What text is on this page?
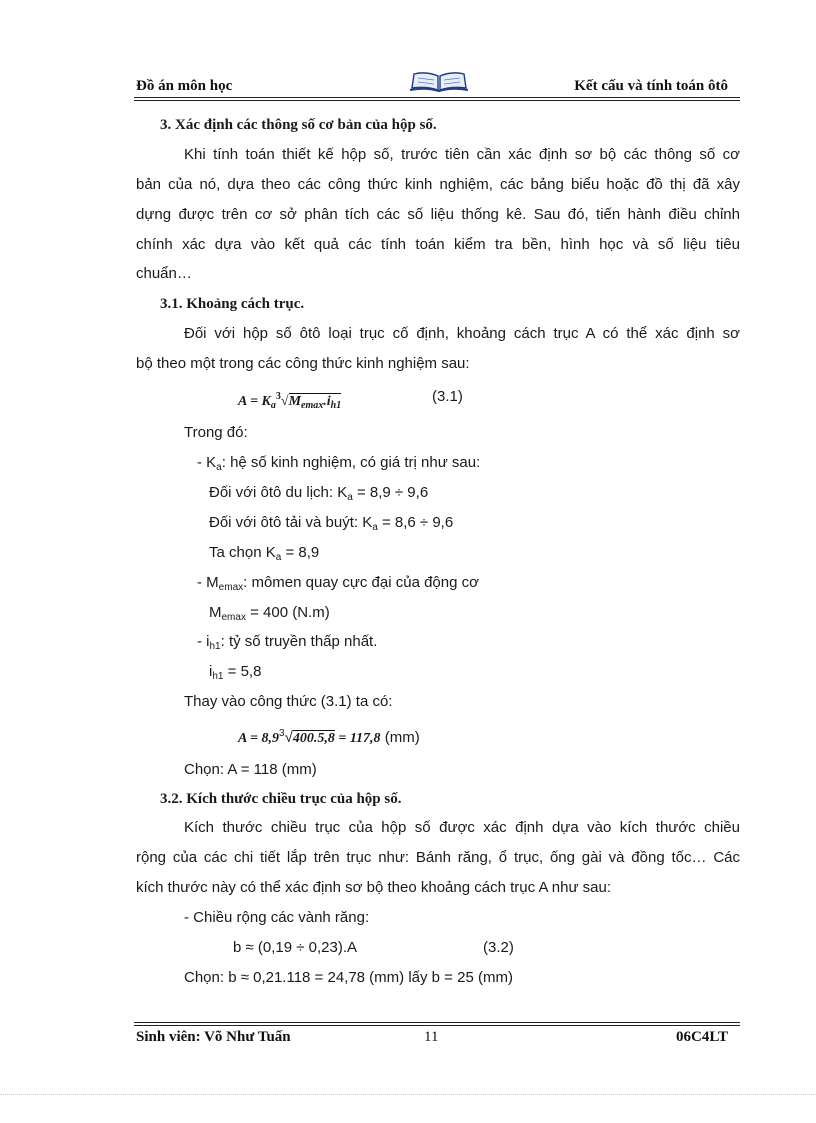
Đồ án môn học	Kết cấu và tính toán ôtô
3. Xác định các thông số cơ bản của hộp số.
Khi tính toán thiết kế hộp số, trước tiên cần xác định sơ bộ các thông số cơ
bản của nó, dựa theo các công thức kinh nghiệm, các bảng biểu hoặc đồ thị đã xây
dựng được trên cơ sở phân tích các số liệu thống kê. Sau đó, tiến hành điều chỉnh
chính xác dựa vào kết quả các tính toán kiểm tra bền, hình học và số liệu tiêu
chuẩn…
3.1. Khoảng cách trục.
Đối với hộp số ôtô loại trục cố định, khoảng cách trục A có thể xác định sơ
bộ theo một trong các công thức kinh nghiệm sau:
$A = K_a^3√M_{emax}.i_{h1}$
(3.1)
Trong đó:
- $K_a$: hệ số kinh nghiệm, có giá trị như sau:
Đối với ôtô du lịch: $K_a = 8,9 \div 9,6$
Đối với ôtô tải và buýt: $K_a = 8,6 \div 9,6$
Ta chọn $K_a = 8,9$
- $M_{emax}$: mômen quay cực đại của động cơ
$M_{emax} = 400$ (N.m)
- $i_{h1}$: tỷ số truyền thấp nhất.
$i_{h1} = 5,8$
Thay vào công thức (3.1) ta có:
$A = 8,9^3√400.5,8 = 117,8$ (mm)
Chọn: A = 118 (mm)
3.2. Kích thước chiều trục của hộp số.
Kích thước chiều trục của hộp số được xác định dựa vào kích thước chiều
rộng của các chi tiết lắp trên trục như: Bánh răng, ổ trục, ống gài và đồng tốc… Các
kích thước này có thể xác định sơ bộ theo khoảng cách trục A như sau:
- Chiều rộng các vành răng:
b ≈ (0,19 ÷ 0,23).A	(3.2)
Chọn: b ≈ 0,21.118 = 24,78 (mm) lấy b = 25 (mm)
Sinh viên: Võ Như Tuấn	11	06C4LT
